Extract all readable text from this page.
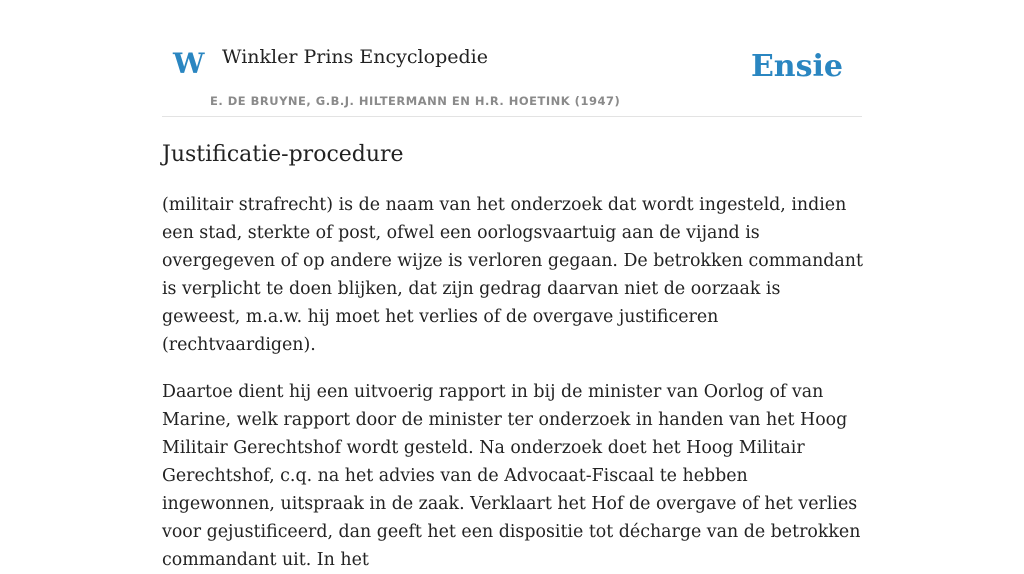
W Winkler Prins Encyclopedie
E. DE BRUYNE, G.B.J. HILTERMANN EN H.R. HOETINK (1947)
Ensie
Justificatie-procedure

(militair strafrecht) is de naam van het onderzoek dat wordt ingesteld, indien een stad, sterkte of post, ofwel een oorlogsvaartuig aan de vijand is overgegeven of op andere wijze is verloren gegaan. De betrokken commandant is verplicht te doen blijken, dat zijn gedrag daarvan niet de oorzaak is geweest, m.a.w. hij moet het verlies of de overgave justificeren (rechtvaardigen).

Daartoe dient hij een uitvoerig rapport in bij de minister van Oorlog of van Marine, welk rapport door de minister ter onderzoek in handen van het Hoog Militair Gerechtshof wordt gesteld. Na onderzoek doet het Hoog Militair Gerechtshof, c.q. na het advies van de Advocaat-Fiscaal te hebben ingewonnen, uitspraak in de zaak. Verklaart het Hof de overgave of het verlies voor gejustificeerd, dan geeft het een dispositie tot décharge van de betrokken commandant uit. In het
